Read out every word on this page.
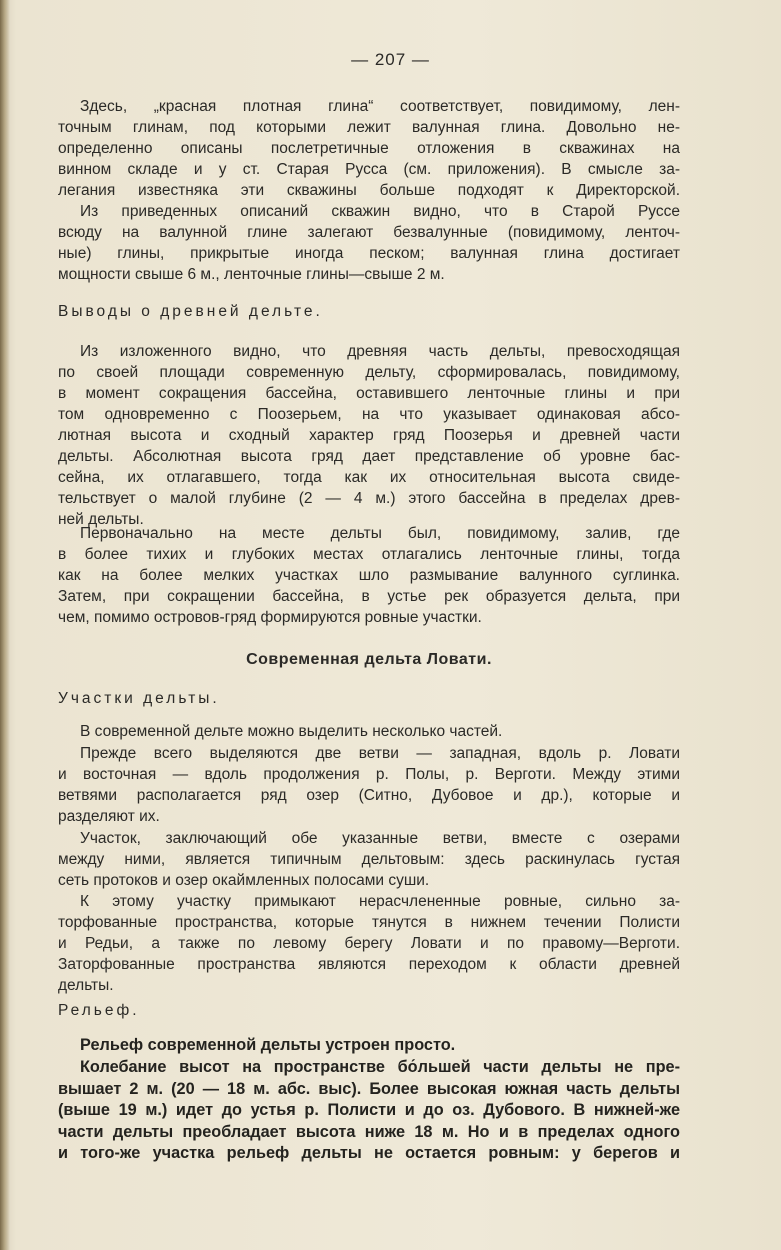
— 207 —

Здесь, „красная плотная глина“ соответствует, повидимому, лен-

точным глинам, под которыми лежит валунная глина. Довольно не-

определенно описаны послетретичные отложения в скважинах на

винном складе и у ст. Старая Русса (см. приложения). В смысле за-

легания известняка эти скважины больше подходят к Директорской.

Из приведенных описаний скважин видно, что в Старой Руссе

всюду на валунной глине залегают безвалунные (повидимому, ленточ-

ные) глины, прикрытые иногда песком; валунная глина достигает

мощности свыше 6 м., ленточные глины—свыше 2 м.

Выводы о древней дельте.

Из изложенного видно, что древняя часть дельты, превосходящая

по своей площади современную дельту, сформировалась, повидимому,

в момент сокращения бассейна, оставившего ленточные глины и при

том одновременно с Поозерьем, на что указывает одинаковая абсо-

лютная высота и сходный характер гряд Поозерья и древней части

дельты. Абсолютная высота гряд дает представление об уровне бас-

сейна, их отлагавшего, тогда как их относительная высота свиде-

тельствует о малой глубине (2 — 4 м.) этого бассейна в пределах древ-

ней дельты.

Первоначально на месте дельты был, повидимому, залив, где

в более тихих и глубоких местах отлагались ленточные глины, тогда

как на более мелких участках шло размывание валунного суглинка.

Затем, при сокращении бассейна, в устье рек образуется дельта, при

чем, помимо островов-гряд формируются ровные участки.

Современная дельта Ловати.
Участки дельты.

В современной дельте можно выделить несколько частей.

Прежде всего выделяются две ветви — западная, вдоль р. Ловати

и восточная — вдоль продолжения р. Полы, р. Верготи. Между этими

ветвями располагается ряд озер (Ситно, Дубовое и др.), которые и

разделяют их.

Участок, заключающий обе указанные ветви, вместе с озерами

между ними, является типичным дельтовым: здесь раскинулась густая

сеть протоков и озер окаймленных полосами суши.

К этому участку примыкают нерасчлененные ровные, сильно за-

торфованные пространства, которые тянутся в нижнем течении Полисти

и Редьи, а также по левому берегу Ловати и по правому—Верготи.

Заторфованные пространства являются переходом к области древней

дельты.

Рельеф.

Рельеф современной дельты устроен просто.

Колебание высот на пространстве бо́льшей части дельты не пре-

вышает 2 м. (20 — 18 м. абс. выс). Более высокая южная часть дельты

(выше 19 м.) идет до устья р. Полисти и до оз. Дубового. В нижней-же

части дельты преобладает высота ниже 18 м. Но и в пределах одного

и того-же участка рельеф дельты не остается ровным: у берегов и
